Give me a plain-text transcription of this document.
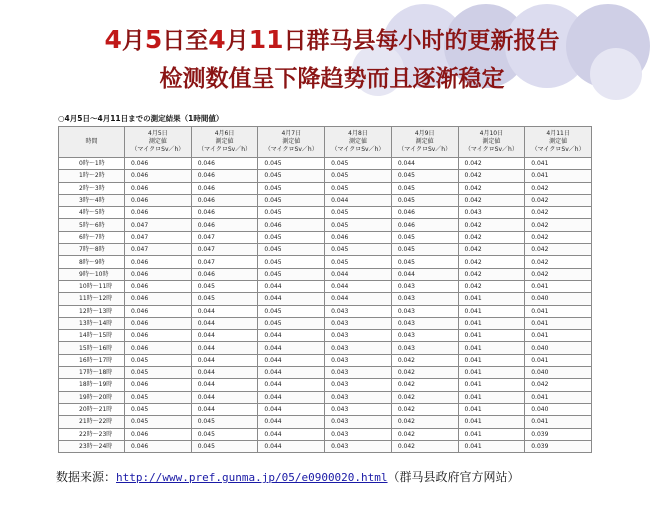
4月5日至4月11日群马县每小时的更新报告
检测数值呈下降趋势而且逐渐稳定
○4月5日～4月11日までの測定結果（1時間値）
時間	4月5日
測定値
（マイクロSv／h）	4月6日
測定値
（マイクロSv／h）	4月7日
測定値
（マイクロSv／h）	4月8日
測定値
（マイクロSv／h）	4月9日
測定値
（マイクロSv／h）	4月10日
測定値
（マイクロSv／h）	4月11日
測定値
（マイクロSv／h）

0時～1時	0.046	0.046	0.045	0.045	0.044	0.042	0.041
1時～2時	0.046	0.046	0.045	0.045	0.045	0.042	0.041
2時～3時	0.046	0.046	0.045	0.045	0.045	0.042	0.042
3時～4時	0.046	0.046	0.045	0.044	0.045	0.042	0.042
4時～5時	0.046	0.046	0.045	0.045	0.046	0.043	0.042
5時～6時	0.047	0.046	0.046	0.045	0.046	0.042	0.042
6時～7時	0.047	0.047	0.045	0.046	0.045	0.042	0.042
7時～8時	0.047	0.047	0.045	0.045	0.045	0.042	0.042
8時～9時	0.046	0.047	0.045	0.045	0.045	0.042	0.042
9時～10時	0.046	0.046	0.045	0.044	0.044	0.042	0.042
10時～11時	0.046	0.045	0.044	0.044	0.043	0.042	0.041
11時～12時	0.046	0.045	0.044	0.044	0.043	0.041	0.040
12時～13時	0.046	0.044	0.045	0.043	0.043	0.041	0.041
13時～14時	0.046	0.044	0.045	0.043	0.043	0.041	0.041
14時～15時	0.046	0.044	0.044	0.043	0.043	0.041	0.041
15時～16時	0.046	0.044	0.044	0.043	0.043	0.041	0.040
16時～17時	0.045	0.044	0.044	0.043	0.042	0.041	0.041
17時～18時	0.045	0.044	0.044	0.043	0.042	0.041	0.040
18時～19時	0.046	0.044	0.044	0.043	0.042	0.041	0.042
19時～20時	0.045	0.044	0.044	0.043	0.042	0.041	0.041
20時～21時	0.045	0.044	0.044	0.043	0.042	0.041	0.040
21時～22時	0.045	0.045	0.044	0.043	0.042	0.041	0.041
22時～23時	0.046	0.045	0.044	0.043	0.042	0.041	0.039
23時～24時	0.046	0.045	0.044	0.043	0.042	0.041	0.039
数据来源：http://www.pref.gunma.jp/05/e0900020.html（群马县政府官方网站）
